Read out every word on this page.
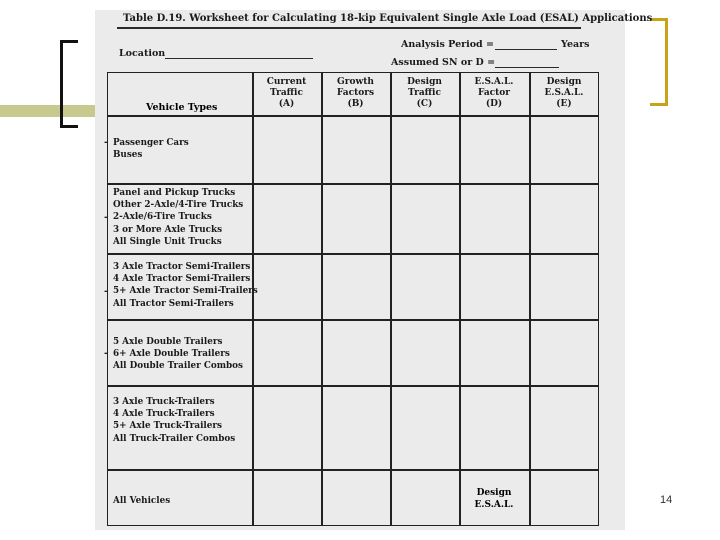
Table D.19. Worksheet for Calculating 18-kip Equivalent Single Axle Load (ESAL) Applications
Location
Analysis Period =	Years
Assumed SN or D =
Vehicle Types
Current
Traffic
(A)
Growth
Factors
(B)
Design
Traffic
(C)
E.S.A.L.
Factor
(D)
Design
E.S.A.L.
(E)
- Passenger Cars
Buses
-
Panel and Pickup Trucks
Other 2-Axle/4-Tire Trucks
2-Axle/6-Tire Trucks
3 or More Axle Trucks
All Single Unit Trucks
-
3 Axle Tractor Semi-Trailers
4 Axle Tractor Semi-Trailers
5+ Axle Tractor Semi-Trailers
All Tractor Semi-Trailers
-
5 Axle Double Trailers
6+ Axle Double Trailers
All Double Trailer Combos
3 Axle Truck-Trailers
4 Axle Truck-Trailers
5+ Axle Truck-Trailers
All Truck-Trailer Combos
All Vehicles
Design
E.S.A.L.	14
